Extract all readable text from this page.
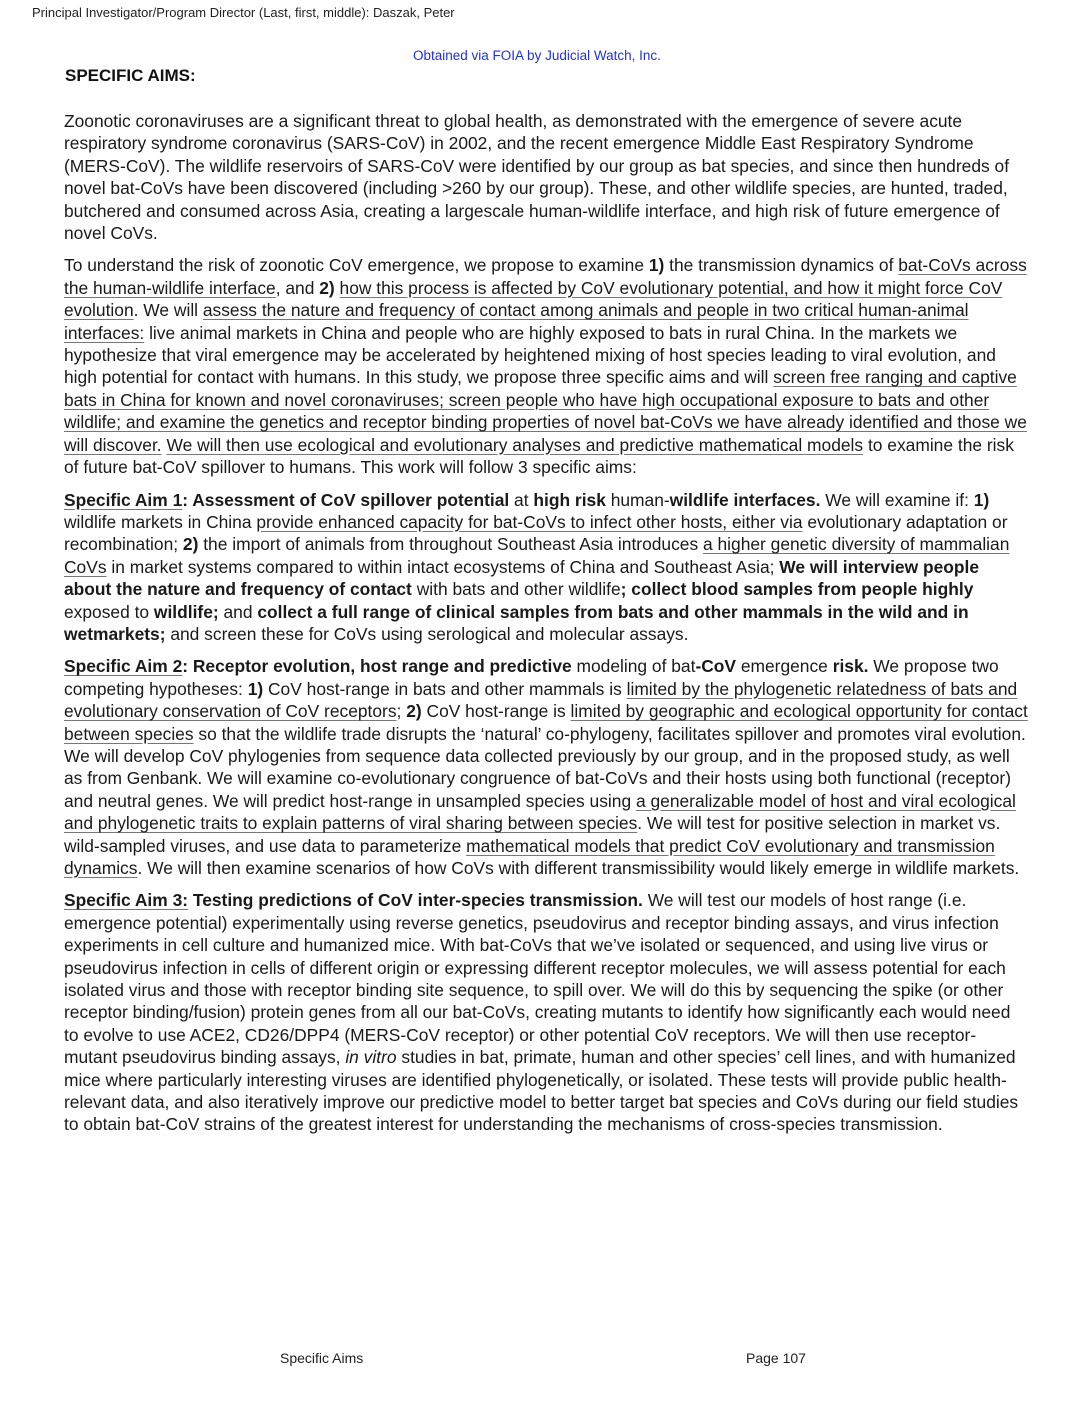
Principal Investigator/Program Director (Last, first, middle): Daszak, Peter
Obtained via FOIA by Judicial Watch, Inc.
SPECIFIC AIMS:

Zoonotic coronaviruses are a significant threat to global health, as demonstrated with the emergence of severe acute respiratory syndrome coronavirus (SARS-CoV) in 2002, and the recent emergence Middle East Respiratory Syndrome (MERS-CoV). The wildlife reservoirs of SARS-CoV were identified by our group as bat species, and since then hundreds of novel bat-CoVs have been discovered (including >260 by our group). These, and other wildlife species, are hunted, traded, butchered and consumed across Asia, creating a largescale human-wildlife interface, and high risk of future emergence of novel CoVs.

To understand the risk of zoonotic CoV emergence, we propose to examine 1) the transmission dynamics of bat-CoVs across the human-wildlife interface, and 2) how this process is affected by CoV evolutionary potential, and how it might force CoV evolution. We will assess the nature and frequency of contact among animals and people in two critical human-animal interfaces: live animal markets in China and people who are highly exposed to bats in rural China. In the markets we hypothesize that viral emergence may be accelerated by heightened mixing of host species leading to viral evolution, and high potential for contact with humans. In this study, we propose three specific aims and will screen free ranging and captive bats in China for known and novel coronaviruses; screen people who have high occupational exposure to bats and other wildlife; and examine the genetics and receptor binding properties of novel bat-CoVs we have already identified and those we will discover. We will then use ecological and evolutionary analyses and predictive mathematical models to examine the risk of future bat-CoV spillover to humans. This work will follow 3 specific aims:

Specific Aim 1: Assessment of CoV spillover potential at high risk human-wildlife interfaces. We will examine if: 1) wildlife markets in China provide enhanced capacity for bat-CoVs to infect other hosts, either via evolutionary adaptation or recombination; 2) the import of animals from throughout Southeast Asia introduces a higher genetic diversity of mammalian CoVs in market systems compared to within intact ecosystems of China and Southeast Asia; We will interview people about the nature and frequency of contact with bats and other wildlife; collect blood samples from people highly exposed to wildlife; and collect a full range of clinical samples from bats and other mammals in the wild and in wetmarkets; and screen these for CoVs using serological and molecular assays.

Specific Aim 2: Receptor evolution, host range and predictive modeling of bat-CoV emergence risk. We propose two competing hypotheses: 1) CoV host-range in bats and other mammals is limited by the phylogenetic relatedness of bats and evolutionary conservation of CoV receptors; 2) CoV host-range is limited by geographic and ecological opportunity for contact between species so that the wildlife trade disrupts the ‘natural’ co-phylogeny, facilitates spillover and promotes viral evolution. We will develop CoV phylogenies from sequence data collected previously by our group, and in the proposed study, as well as from Genbank. We will examine co-evolutionary congruence of bat-CoVs and their hosts using both functional (receptor) and neutral genes. We will predict host-range in unsampled species using a generalizable model of host and viral ecological and phylogenetic traits to explain patterns of viral sharing between species. We will test for positive selection in market vs. wild-sampled viruses, and use data to parameterize mathematical models that predict CoV evolutionary and transmission dynamics. We will then examine scenarios of how CoVs with different transmissibility would likely emerge in wildlife markets.

Specific Aim 3: Testing predictions of CoV inter-species transmission. We will test our models of host range (i.e. emergence potential) experimentally using reverse genetics, pseudovirus and receptor binding assays, and virus infection experiments in cell culture and humanized mice. With bat-CoVs that we’ve isolated or sequenced, and using live virus or pseudovirus infection in cells of different origin or expressing different receptor molecules, we will assess potential for each isolated virus and those with receptor binding site sequence, to spill over. We will do this by sequencing the spike (or other receptor binding/fusion) protein genes from all our bat-CoVs, creating mutants to identify how significantly each would need to evolve to use ACE2, CD26/DPP4 (MERS-CoV receptor) or other potential CoV receptors. We will then use receptor-mutant pseudovirus binding assays, in vitro studies in bat, primate, human and other species’ cell lines, and with humanized mice where particularly interesting viruses are identified phylogenetically, or isolated. These tests will provide public health-relevant data, and also iteratively improve our predictive model to better target bat species and CoVs during our field studies to obtain bat-CoV strains of the greatest interest for understanding the mechanisms of cross-species transmission.

Specific Aims	Page 107
